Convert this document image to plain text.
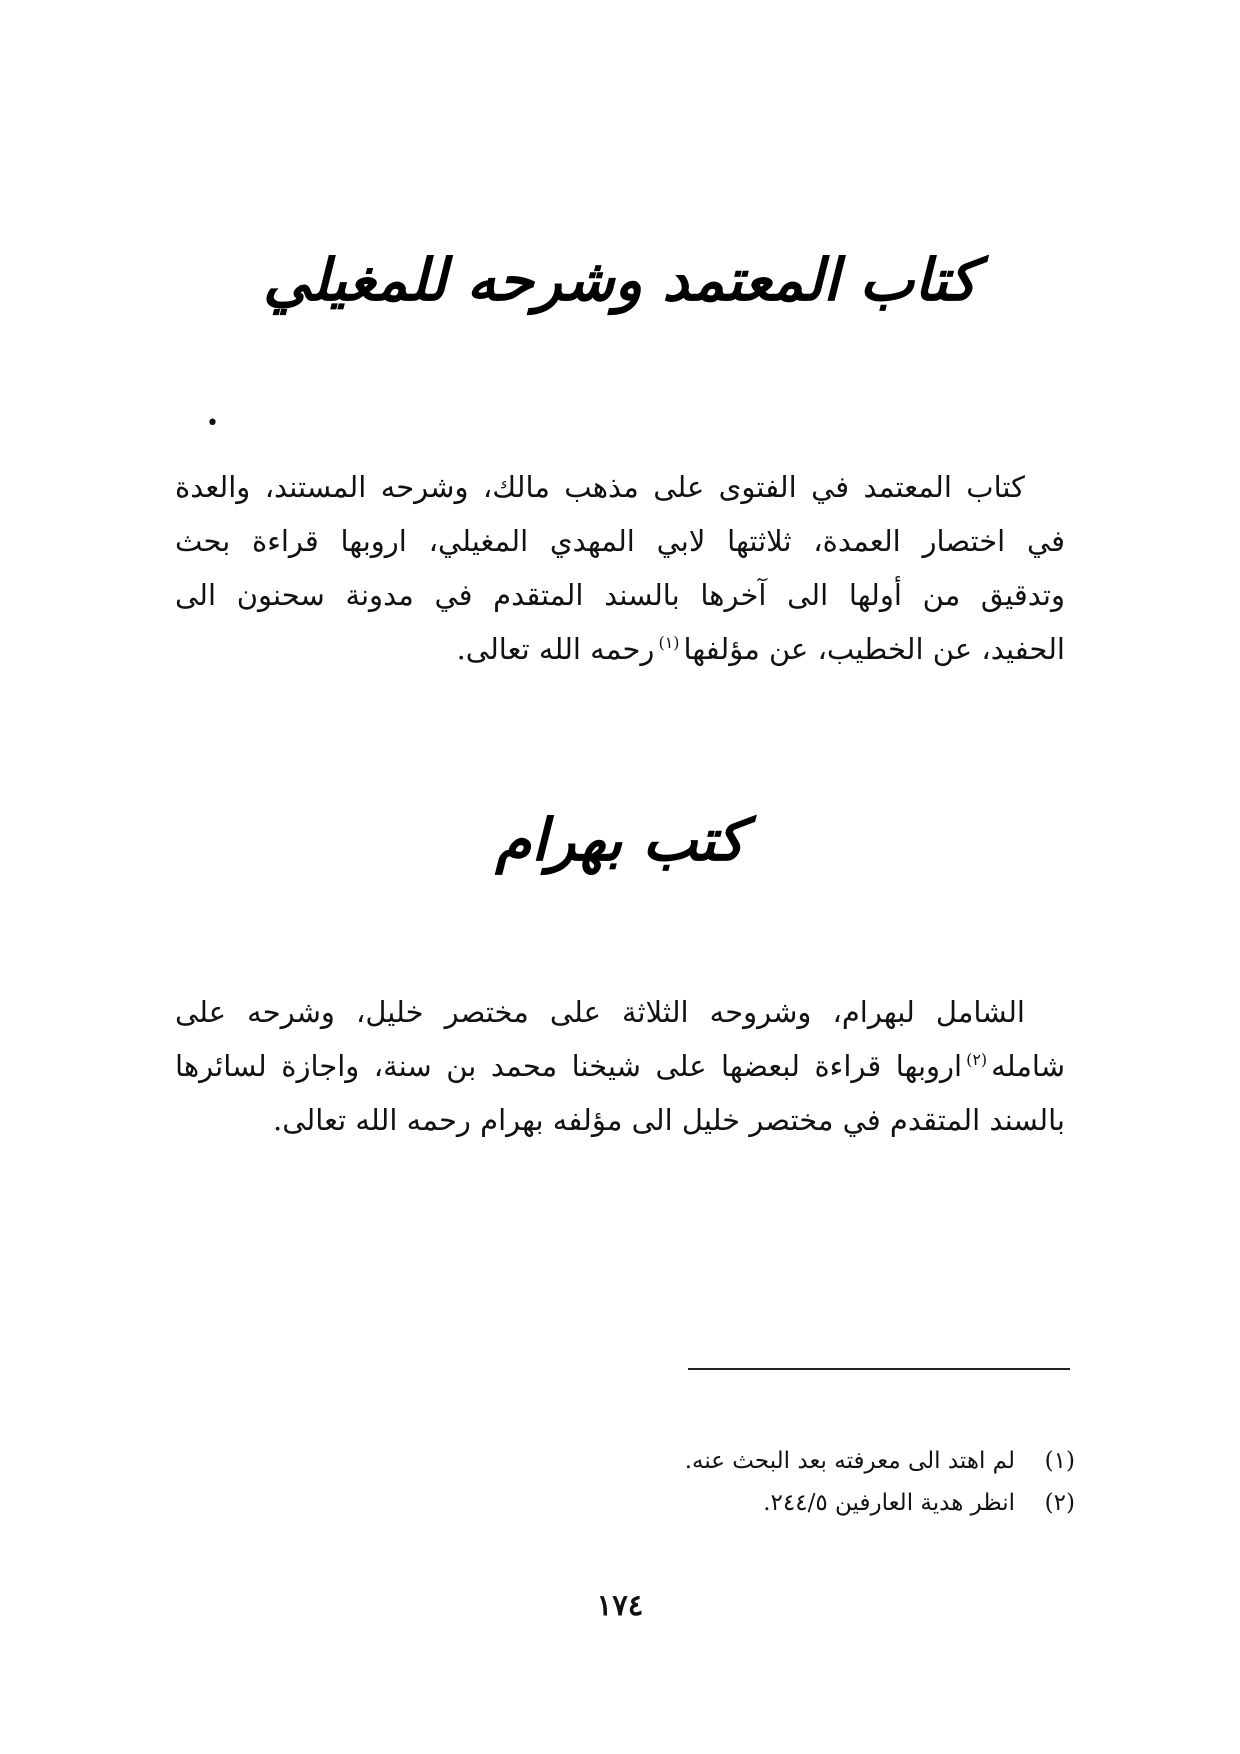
كتاب المعتمد وشرحه للمغيلي
•
كتاب المعتمد في الفتوى على مذهب مالك، وشرحه المستند، والعدة
في اختصار العمدة، ثلاثتها لابي المهدي المغيلي، اروبها قراءة بحث
وتدقيق من أولها الى آخرها بالسند المتقدم في مدونة سحنون الى
الحفيد، عن الخطيب، عن مؤلفها$^{(١)}$رحمه الله تعالى.
كتب بهرام
الشامل لبهرام، وشروحه الثلاثة على مختصر خليل، وشرحه على
شامله$^{(٢)}$اروبها قراءة لبعضها على شيخنا محمد بن سنة، واجازة لسائرها
بالسند المتقدم في مختصر خليل الى مؤلفه بهرام رحمه الله تعالى.
(١)
لم اهتد الى معرفته بعد البحث عنه.
(٢)
انظر هدية العارفين ٢٤٤/٥.
١٧٤
